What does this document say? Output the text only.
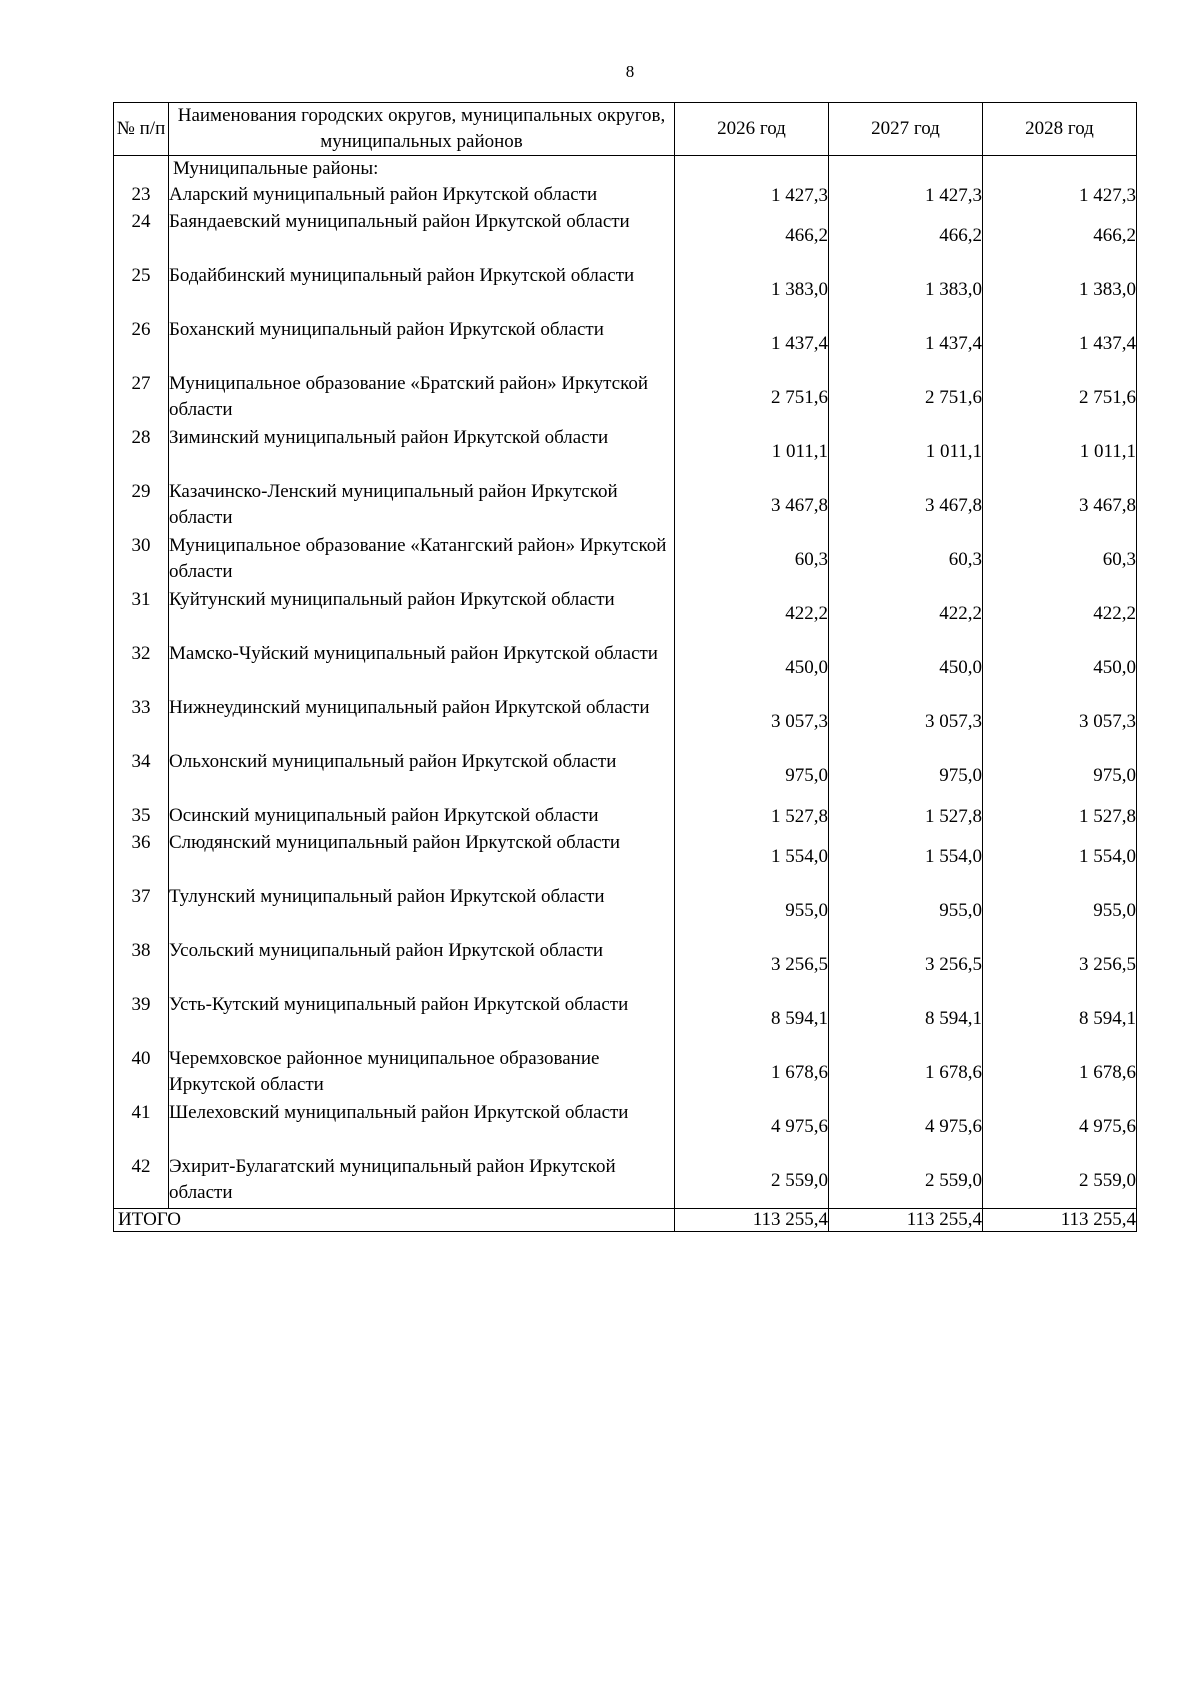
8
№ п/п	Наименования городских округов, муниципальных округов, муниципальных районов	2026 год	2027 год	2028 год
	Муниципальные районы:			
23	Аларский муниципальный район Иркутской области	1 427,3	1 427,3	1 427,3
24	Баяндаевский муниципальный район Иркутской области	466,2	466,2	466,2
25	Бодайбинский муниципальный район Иркутской области	1 383,0	1 383,0	1 383,0
26	Боханский муниципальный район Иркутской области	1 437,4	1 437,4	1 437,4
27	Муниципальное образование «Братский район» Иркутской области	2 751,6	2 751,6	2 751,6
28	Зиминский муниципальный район Иркутской области	1 011,1	1 011,1	1 011,1
29	Казачинско-Ленский муниципальный район Иркутской области	3 467,8	3 467,8	3 467,8
30	Муниципальное образование «Катангский район» Иркутской области	60,3	60,3	60,3
31	Куйтунский муниципальный район Иркутской области	422,2	422,2	422,2
32	Мамско-Чуйский муниципальный район Иркутской области	450,0	450,0	450,0
33	Нижнеудинский муниципальный район Иркутской области	3 057,3	3 057,3	3 057,3
34	Ольхонский муниципальный район Иркутской области	975,0	975,0	975,0
35	Осинский муниципальный район Иркутской области	1 527,8	1 527,8	1 527,8
36	Слюдянский муниципальный район Иркутской области	1 554,0	1 554,0	1 554,0
37	Тулунский муниципальный район Иркутской области	955,0	955,0	955,0
38	Усольский муниципальный район Иркутской области	3 256,5	3 256,5	3 256,5
39	Усть-Кутский муниципальный район Иркутской области	8 594,1	8 594,1	8 594,1
40	Черемховское районное муниципальное образование Иркутской области	1 678,6	1 678,6	1 678,6
41	Шелеховский муниципальный район Иркутской области	4 975,6	4 975,6	4 975,6
42	Эхирит-Булагатский муниципальный район Иркутской области	2 559,0	2 559,0	2 559,0
ИТОГО		113 255,4	113 255,4	113 255,4
